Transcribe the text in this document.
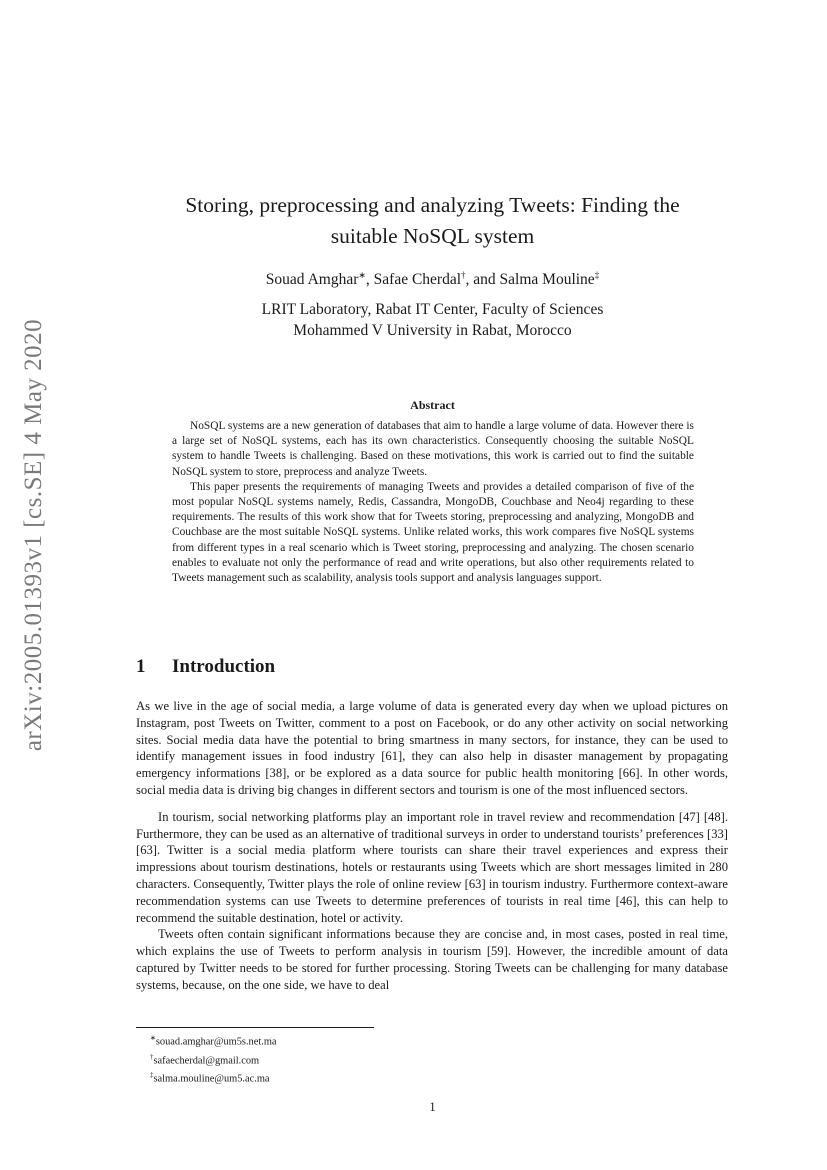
arXiv:2005.01393v1 [cs.SE] 4 May 2020
Storing, preprocessing and analyzing Tweets: Finding the
suitable NoSQL system
Souad Amghar∗, Safae Cherdal†, and Salma Mouline‡
LRIT Laboratory, Rabat IT Center, Faculty of Sciences
Mohammed V University in Rabat, Morocco
Abstract

NoSQL systems are a new generation of databases that aim to handle a large volume of data. However there is a large set of NoSQL systems, each has its own characteristics. Consequently choosing the suitable NoSQL system to handle Tweets is challenging. Based on these motivations, this work is carried out to find the suitable NoSQL system to store, preprocess and analyze Tweets.

This paper presents the requirements of managing Tweets and provides a detailed comparison of five of the most popular NoSQL systems namely, Redis, Cassandra, MongoDB, Couchbase and Neo4j regarding to these requirements. The results of this work show that for Tweets storing, preprocessing and analyzing, MongoDB and Couchbase are the most suitable NoSQL systems. Unlike related works, this work compares five NoSQL systems from different types in a real scenario which is Tweet storing, preprocessing and analyzing. The chosen scenario enables to evaluate not only the performance of read and write operations, but also other requirements related to Tweets management such as scalability, analysis tools support and analysis languages support.

1 Introduction

As we live in the age of social media, a large volume of data is generated every day when we upload pictures on Instagram, post Tweets on Twitter, comment to a post on Facebook, or do any other activity on social networking sites. Social media data have the potential to bring smartness in many sectors, for instance, they can be used to identify management issues in food industry [61], they can also help in disaster management by propagating emergency informations [38], or be explored as a data source for public health monitoring [66]. In other words, social media data is driving big changes in different sectors and tourism is one of the most influenced sectors.

In tourism, social networking platforms play an important role in travel review and recommendation [47] [48]. Furthermore, they can be used as an alternative of traditional surveys in order to understand tourists’ preferences [33] [63]. Twitter is a social media platform where tourists can share their travel experiences and express their impressions about tourism destinations, hotels or restaurants using Tweets which are short messages limited in 280 characters. Consequently, Twitter plays the role of online review [63] in tourism industry. Furthermore context-aware recommendation systems can use Tweets to determine preferences of tourists in real time [46], this can help to recommend the suitable destination, hotel or activity.

Tweets often contain significant informations because they are concise and, in most cases, posted in real time, which explains the use of Tweets to perform analysis in tourism [59]. However, the incredible amount of data captured by Twitter needs to be stored for further processing. Storing Tweets can be challenging for many database systems, because, on the one side, we have to deal

∗souad.amghar@um5s.net.ma
†safaecherdal@gmail.com
‡salma.mouline@um5.ac.ma
1
